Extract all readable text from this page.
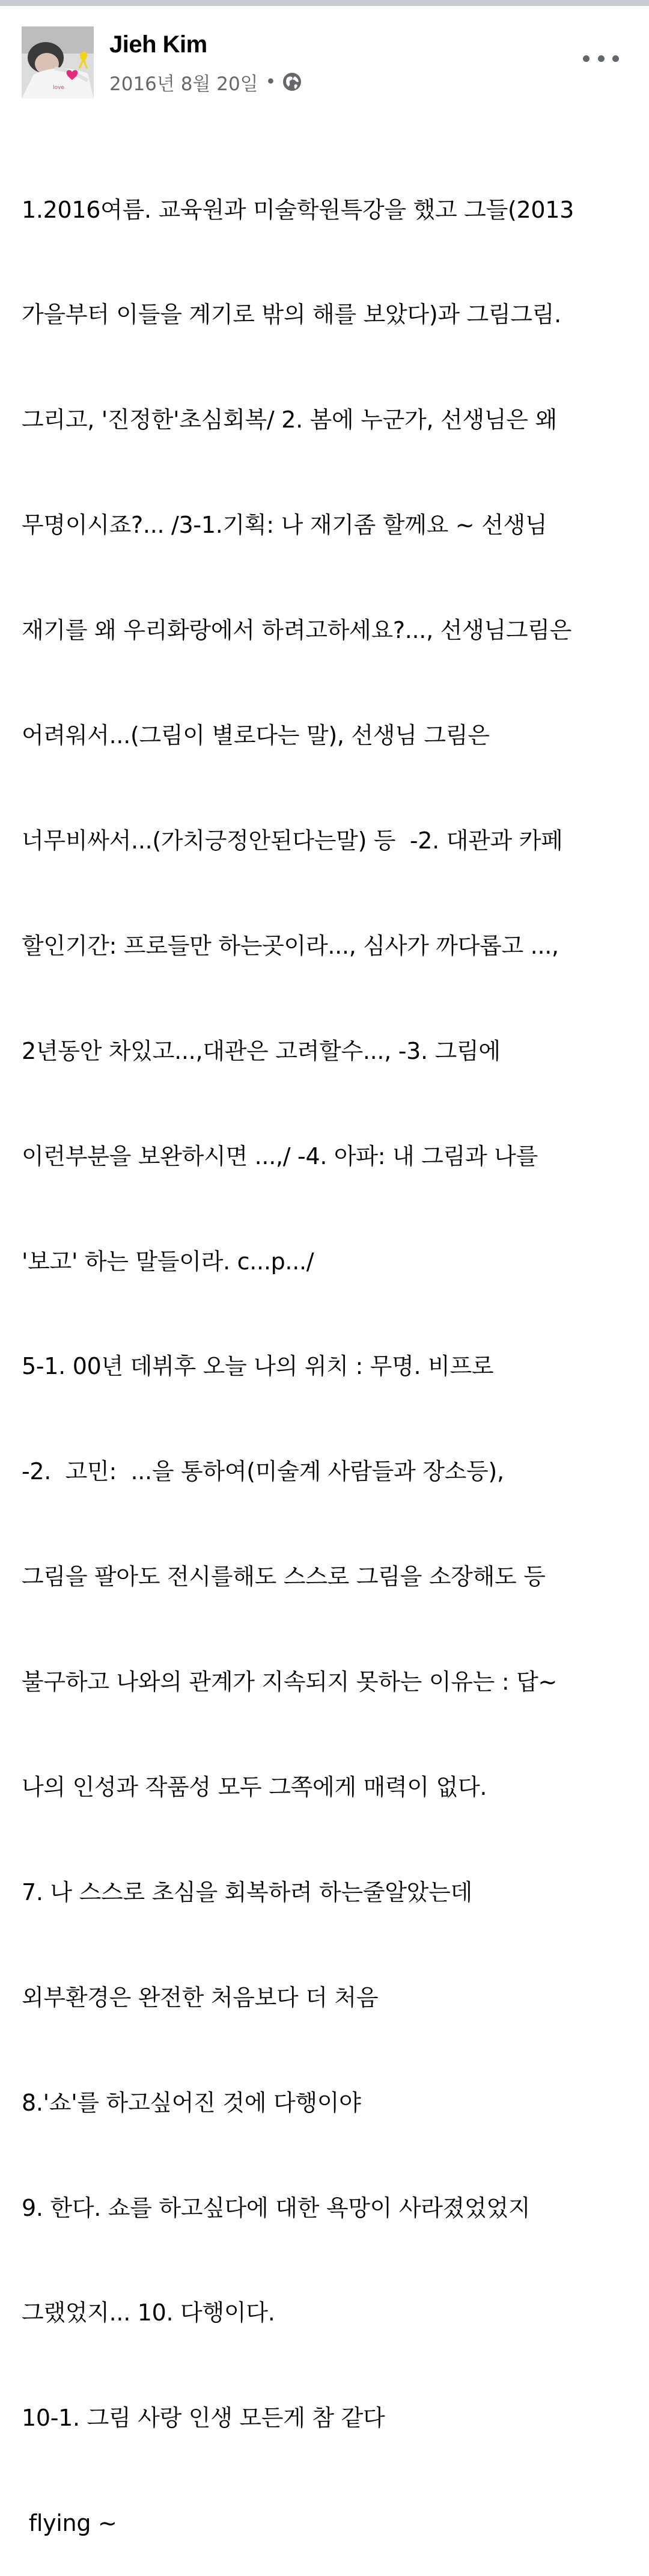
love
Jieh Kim
2016년 8월 20일 •

1.2016여름. 교육원과 미술학원특강을 했고 그들(2013

가을부터 이들을 계기로 밖의 해를 보았다)과 그림그림.

그리고, '진정한'초심회복/ 2. 봄에 누군가, 선생님은 왜

무명이시죠?... /3-1.기획: 나 재기좀 할께요 ~ 선생님

재기를 왜 우리화랑에서 하려고하세요?..., 선생님그림은

어려워서...(그림이 별로다는 말), 선생님 그림은

너무비싸서...(가치긍정안된다는말) 등  -2. 대관과 카페

할인기간: 프로들만 하는곳이라..., 심사가 까다롭고 ...,

2년동안 차있고...,대관은 고려할수..., -3. 그림에

이런부분을 보완하시면 ...,/ -4. 아파: 내 그림과 나를

'보고' 하는 말들이라. c...p.../

5-1. 00년 데뷔후 오늘 나의 위치 : 무명. 비프로

-2.  고민:  ...을 통하여(미술계 사람들과 장소등),

그림을 팔아도 전시를해도 스스로 그림을 소장해도 등

불구하고 나와의 관계가 지속되지 못하는 이유는 : 답~

나의 인성과 작품성 모두 그쪽에게 매력이 없다.

7. 나 스스로 초심을 회복하려 하는줄알았는데

외부환경은 완전한 처음보다 더 처음

8.'쇼'를 하고싶어진 것에 다행이야

9. 한다. 쇼를 하고싶다에 대한 욕망이 사라졌었었지

그랬었지... 10. 다행이다.

10-1. 그림 사랑 인생 모든게 참 같다

flying ~
